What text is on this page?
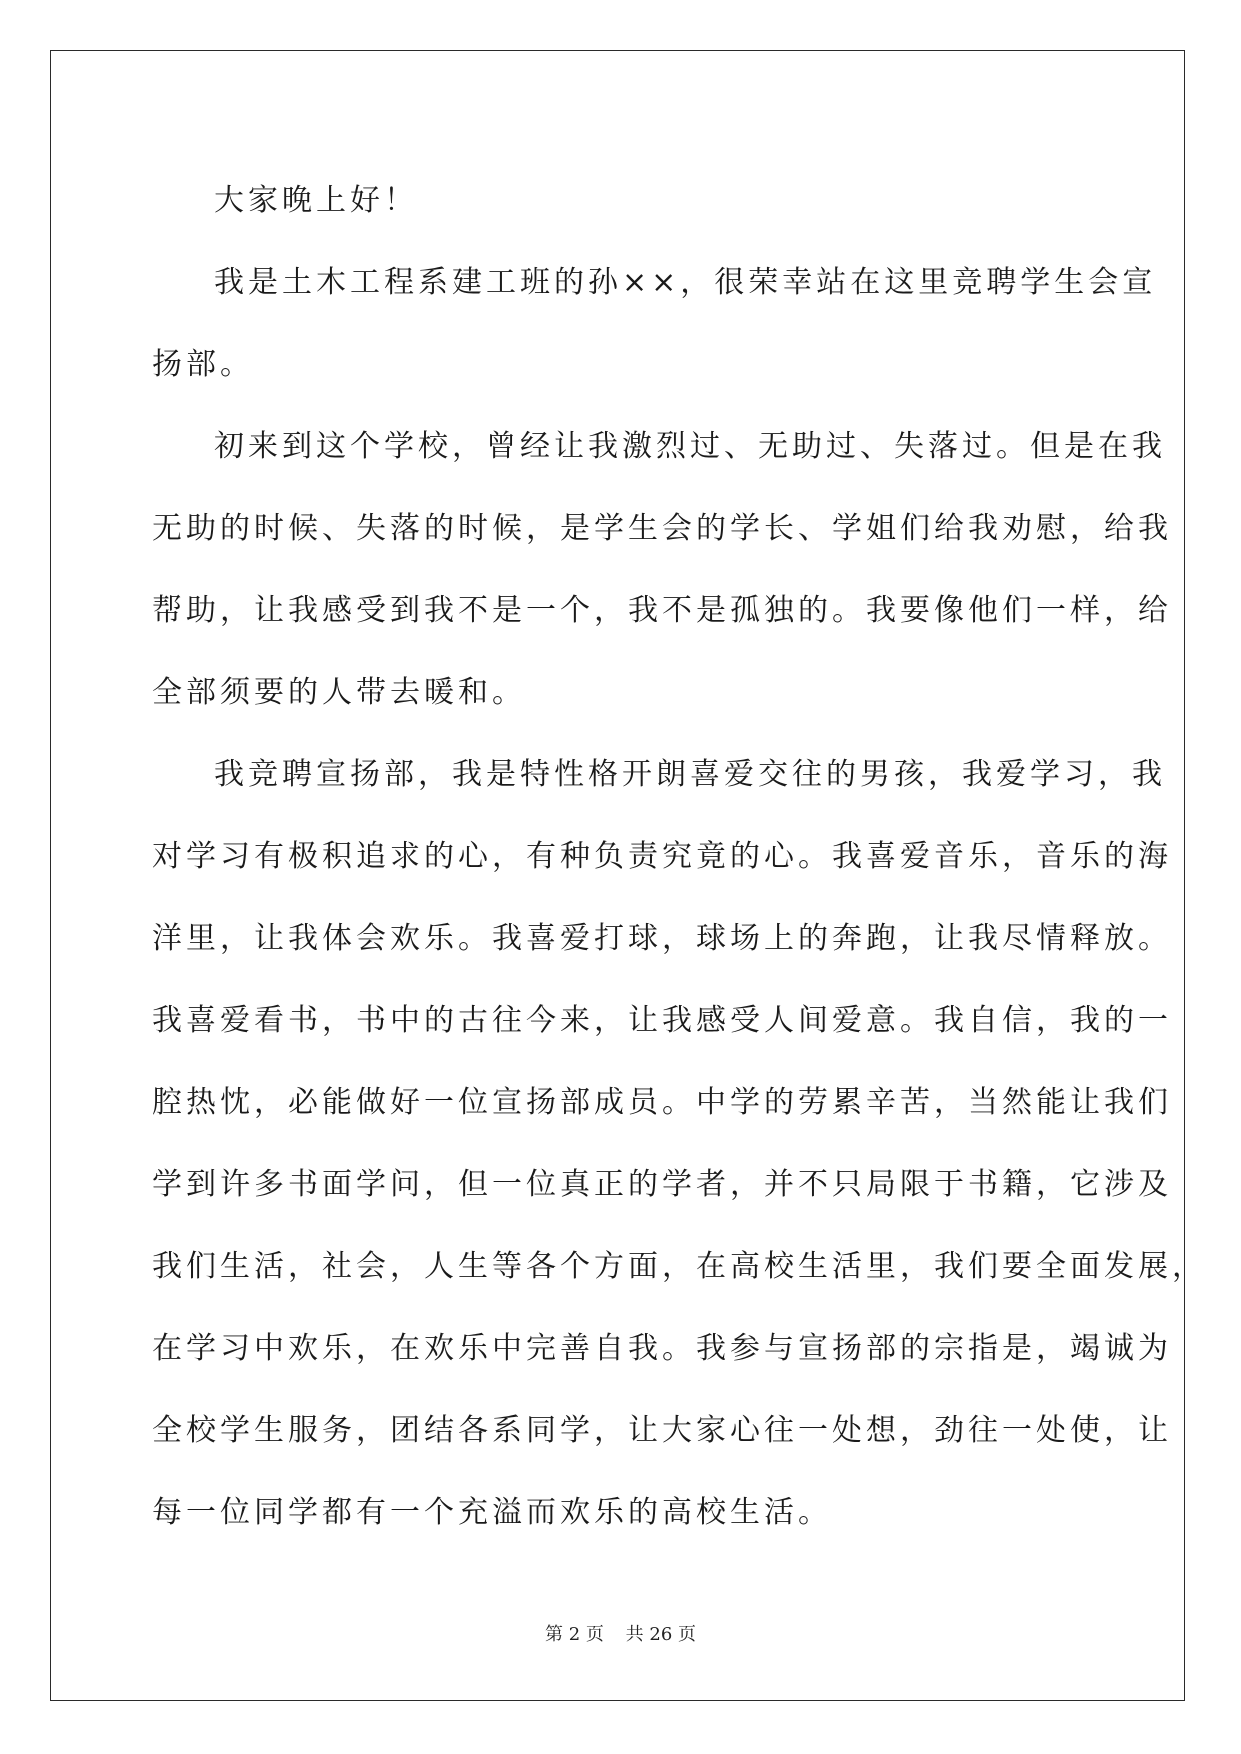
大家晚上好！
我是土木工程系建工班的孙××，很荣幸站在这里竞聘学生会宣
扬部。
初来到这个学校，曾经让我激烈过、无助过、失落过。但是在我
无助的时候、失落的时候，是学生会的学长、学姐们给我劝慰，给我
帮助，让我感受到我不是一个，我不是孤独的。我要像他们一样，给
全部须要的人带去暖和。
我竞聘宣扬部，我是特性格开朗喜爱交往的男孩，我爱学习，我
对学习有极积追求的心，有种负责究竟的心。我喜爱音乐，音乐的海
洋里，让我体会欢乐。我喜爱打球，球场上的奔跑，让我尽情释放。
我喜爱看书，书中的古往今来，让我感受人间爱意。我自信，我的一
腔热忱，必能做好一位宣扬部成员。中学的劳累辛苦，当然能让我们
学到许多书面学问，但一位真正的学者，并不只局限于书籍，它涉及
我们生活，社会，人生等各个方面，在高校生活里，我们要全面发展，
在学习中欢乐，在欢乐中完善自我。我参与宣扬部的宗指是，竭诚为
全校学生服务，团结各系同学，让大家心往一处想，劲往一处使，让
每一位同学都有一个充溢而欢乐的高校生活。
第 2 页 共 26 页
